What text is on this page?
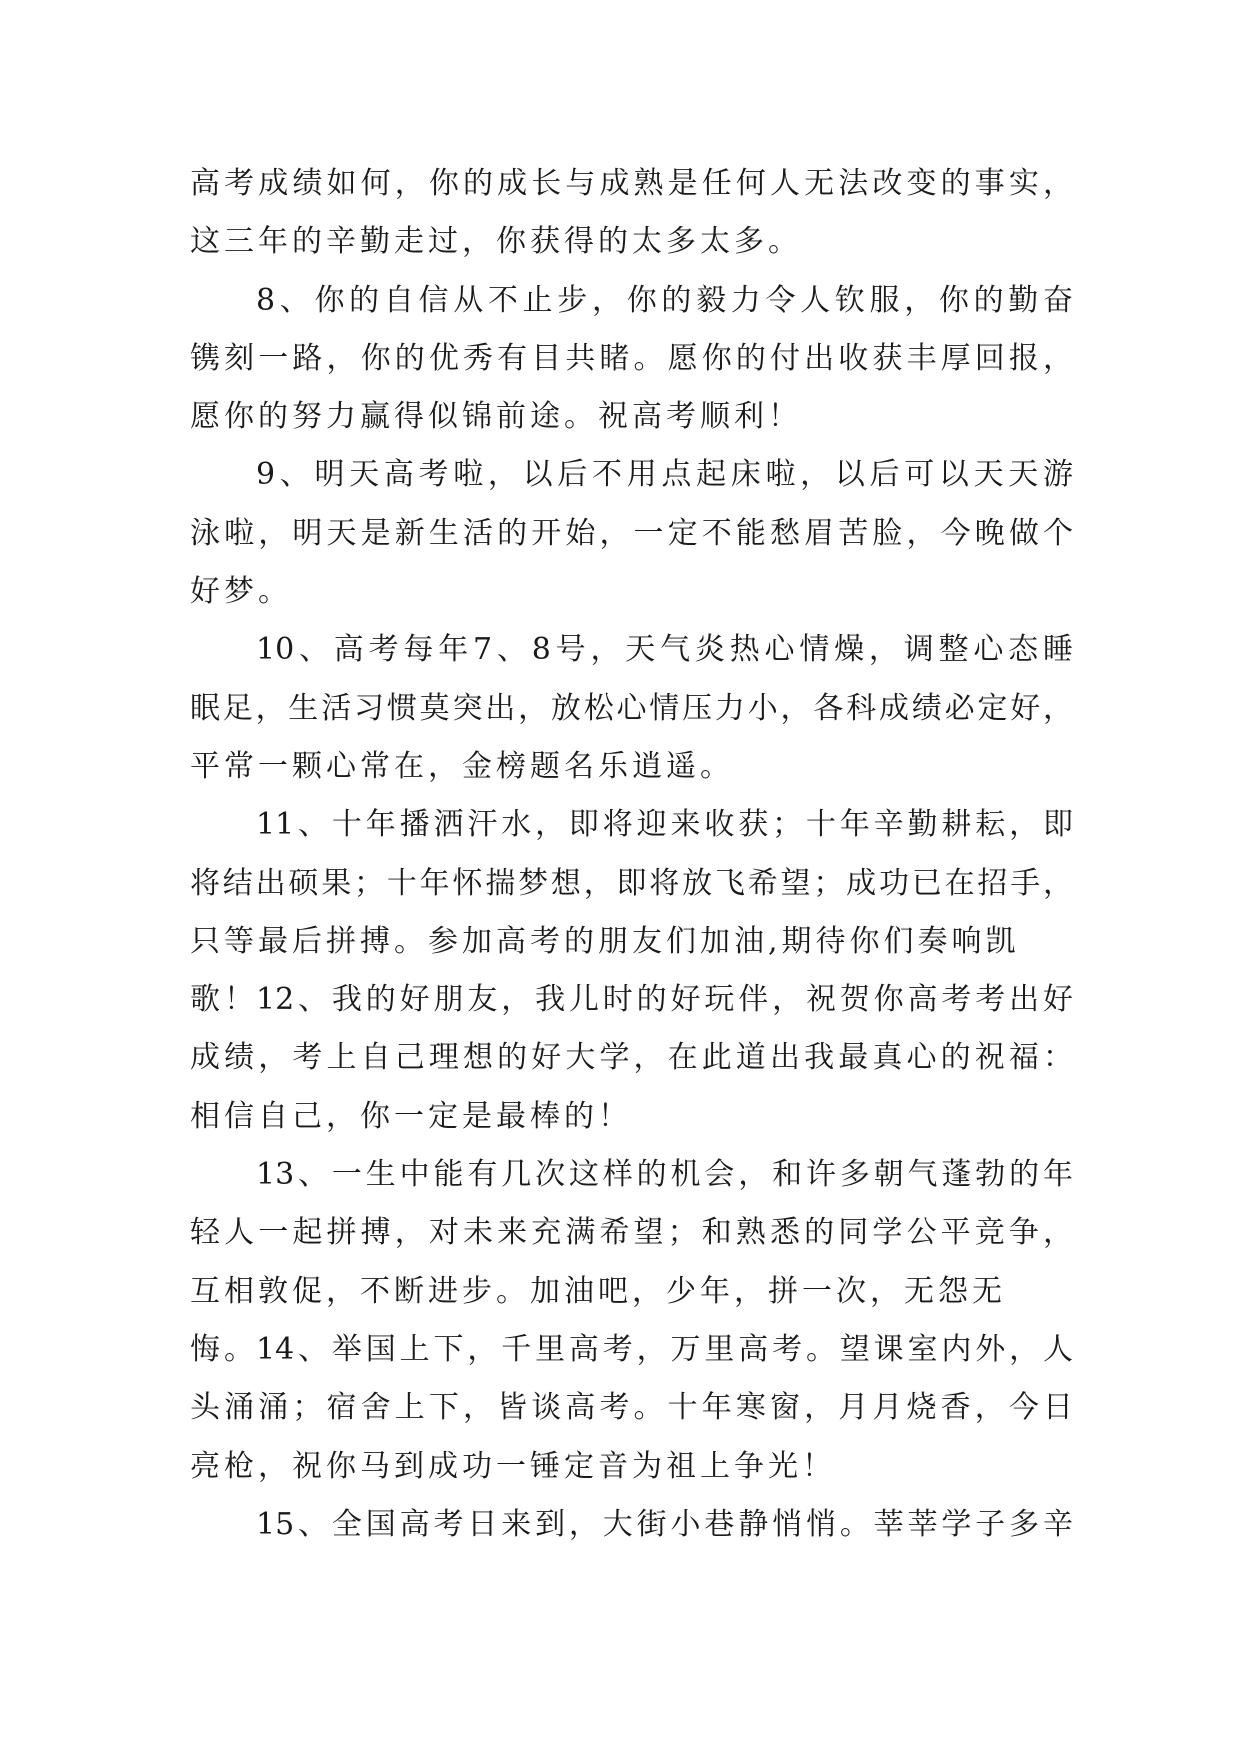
高考成绩如何，你的成长与成熟是任何人无法改变的事实，
这三年的辛勤走过，你获得的太多太多。
8、你的自信从不止步，你的毅力令人钦服，你的勤奋
镌刻一路，你的优秀有目共睹。愿你的付出收获丰厚回报，
愿你的努力赢得似锦前途。祝高考顺利！
9、明天高考啦，以后不用点起床啦，以后可以天天游
泳啦，明天是新生活的开始，一定不能愁眉苦脸，今晚做个
好梦。
10、高考每年7、8号，天气炎热心情燥，调整心态睡
眠足，生活习惯莫突出，放松心情压力小，各科成绩必定好，
平常一颗心常在，金榜题名乐逍遥。
11、十年播洒汗水，即将迎来收获；十年辛勤耕耘，即
将结出硕果；十年怀揣梦想，即将放飞希望；成功已在招手，
只等最后拼搏。参加高考的朋友们加油,期待你们奏响凯歌！
12、我的好朋友，我儿时的好玩伴，祝贺你高考考出好
成绩，考上自己理想的好大学，在此道出我最真心的祝福：
相信自己，你一定是最棒的！
13、一生中能有几次这样的机会，和许多朝气蓬勃的年
轻人一起拼搏，对未来充满希望；和熟悉的同学公平竞争，
互相敦促，不断进步。加油吧，少年，拼一次，无怨无悔。
14、举国上下，千里高考，万里高考。望课室内外，人
头涌涌；宿舍上下，皆谈高考。十年寒窗，月月烧香，今日
亮枪，祝你马到成功一锤定音为祖上争光！
15、全国高考日来到，大街小巷静悄悄。莘莘学子多辛
